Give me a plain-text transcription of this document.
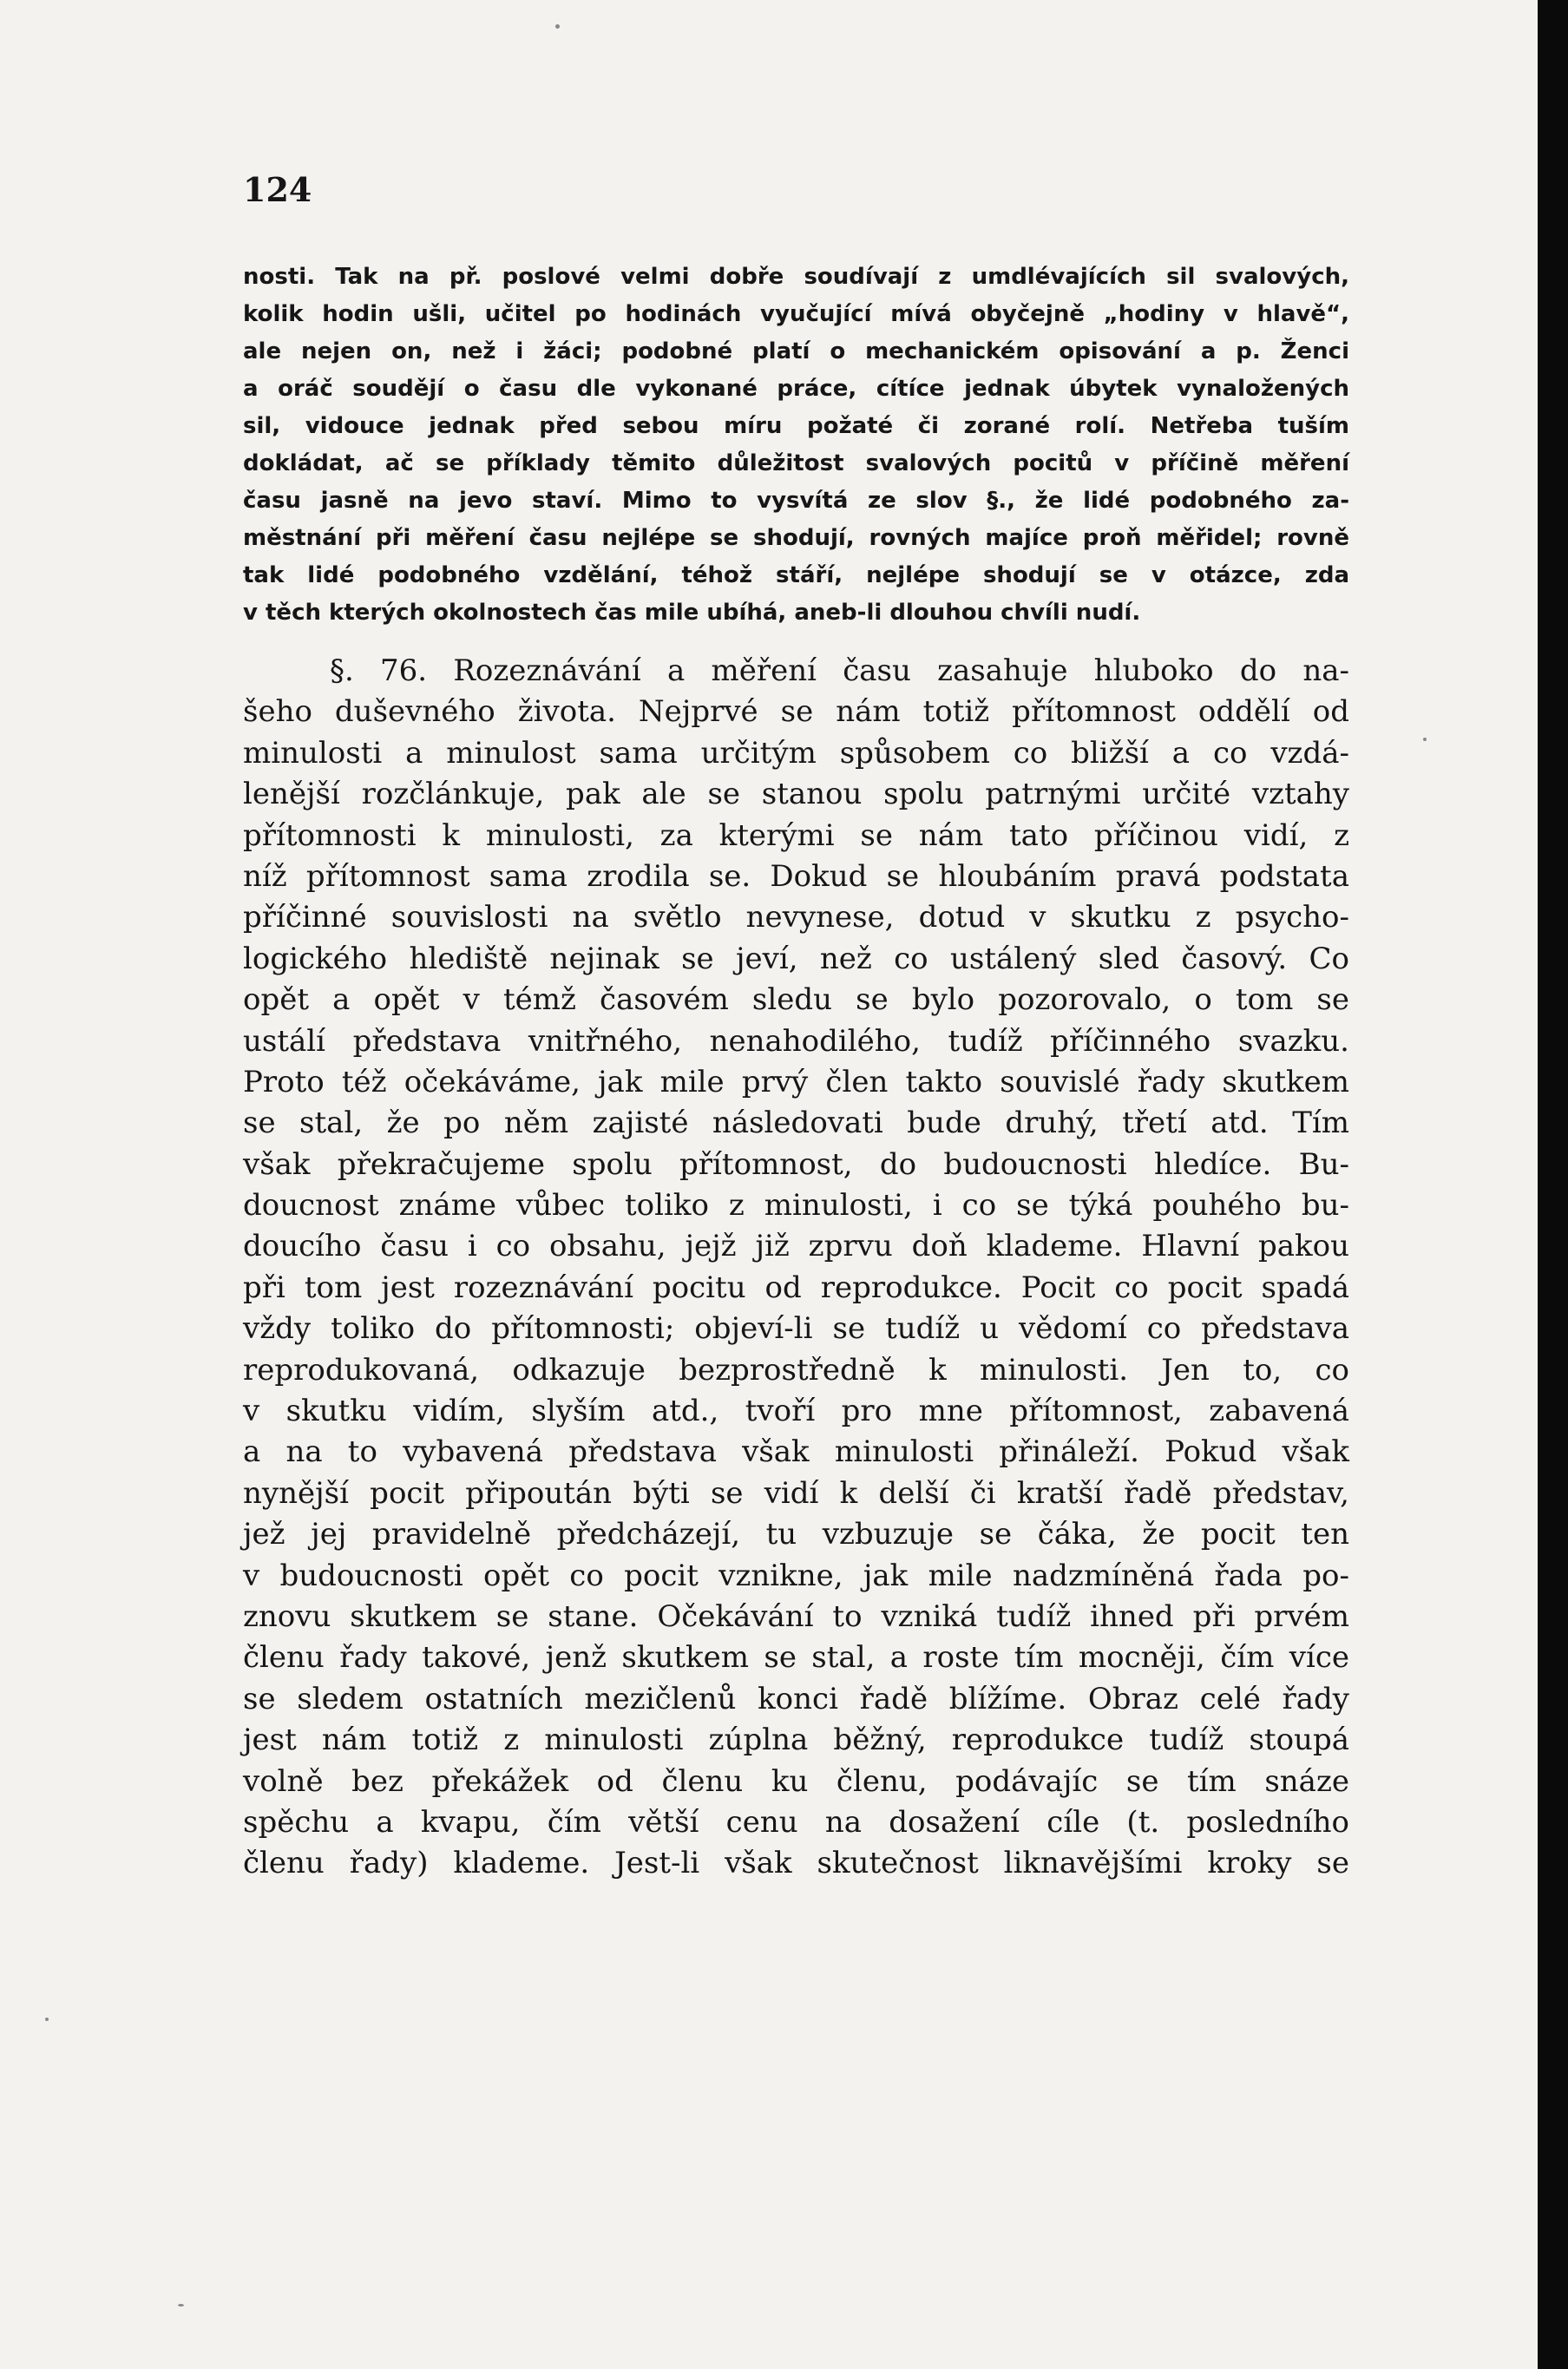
124
nosti. Tak na př. poslové velmi dobře soudívají z umdlévajících sil svalových,
kolik hodin ušli, učitel po hodinách vyučující mívá obyčejně „hodiny v hlavě“,
ale nejen on, než i žáci; podobné platí o mechanickém opisování a p. Ženci
a oráč soudějí o času dle vykonané práce, cítíce jednak úbytek vynaložených
sil, vidouce jednak před sebou míru požaté či zorané rolí. Netřeba tuším
dokládat, ač se příklady těmito důležitost svalových pocitů v příčině měření
času jasně na jevo staví. Mimo to vysvítá ze slov §., že lidé podobného za-
městnání při měření času nejlépe se shodují, rovných majíce proň měřidel; rovně
tak lidé podobného vzdělání, téhož stáří, nejlépe shodují se v otázce, zda
v těch kterých okolnostech čas mile ubíhá, aneb-li dlouhou chvíli nudí.
§. 76. Rozeznávání a měření času zasahuje hluboko do na-
šeho duševného života. Nejprvé se nám totiž přítomnost oddělí od
minulosti a minulost sama určitým spůsobem co bližší a co vzdá-
lenější rozčlánkuje, pak ale se stanou spolu patrnými určité vztahy
přítomnosti k minulosti, za kterými se nám tato příčinou vidí, z
níž přítomnost sama zrodila se. Dokud se hloubáním pravá podstata
příčinné souvislosti na světlo nevynese, dotud v skutku z psycho-
logického hlediště nejinak se jeví, než co ustálený sled časový. Co
opět a opět v témž časovém sledu se bylo pozorovalo, o tom se
ustálí představa vnitřného, nenahodilého, tudíž příčinného svazku.
Proto též očekáváme, jak mile prvý člen takto souvislé řady skutkem
se stal, že po něm zajisté následovati bude druhý, třetí atd. Tím
však překračujeme spolu přítomnost, do budoucnosti hledíce. Bu-
doucnost známe vůbec toliko z minulosti, i co se týká pouhého bu-
doucího času i co obsahu, jejž již zprvu doň klademe. Hlavní pakou
při tom jest rozeznávání pocitu od reprodukce. Pocit co pocit spadá
vždy toliko do přítomnosti; objeví-li se tudíž u vědomí co představa
reprodukovaná, odkazuje bezprostředně k minulosti. Jen to, co
v skutku vidím, slyším atd., tvoří pro mne přítomnost, zabavená
a na to vybavená představa však minulosti přináleží. Pokud však
nynější pocit připoután býti se vidí k delší či kratší řadě představ,
jež jej pravidelně předcházejí, tu vzbuzuje se čáka, že pocit ten
v budoucnosti opět co pocit vznikne, jak mile nadzmíněná řada po-
znovu skutkem se stane. Očekávání to vzniká tudíž ihned při prvém
členu řady takové, jenž skutkem se stal, a roste tím mocněji, čím více
se sledem ostatních mezičlenů konci řadě blížíme. Obraz celé řady
jest nám totiž z minulosti zúplna běžný, reprodukce tudíž stoupá
volně bez překážek od členu ku členu, podávajíc se tím snáze
spěchu a kvapu, čím větší cenu na dosažení cíle (t. posledního
členu řady) klademe. Jest-li však skutečnost liknavějšími kroky se
